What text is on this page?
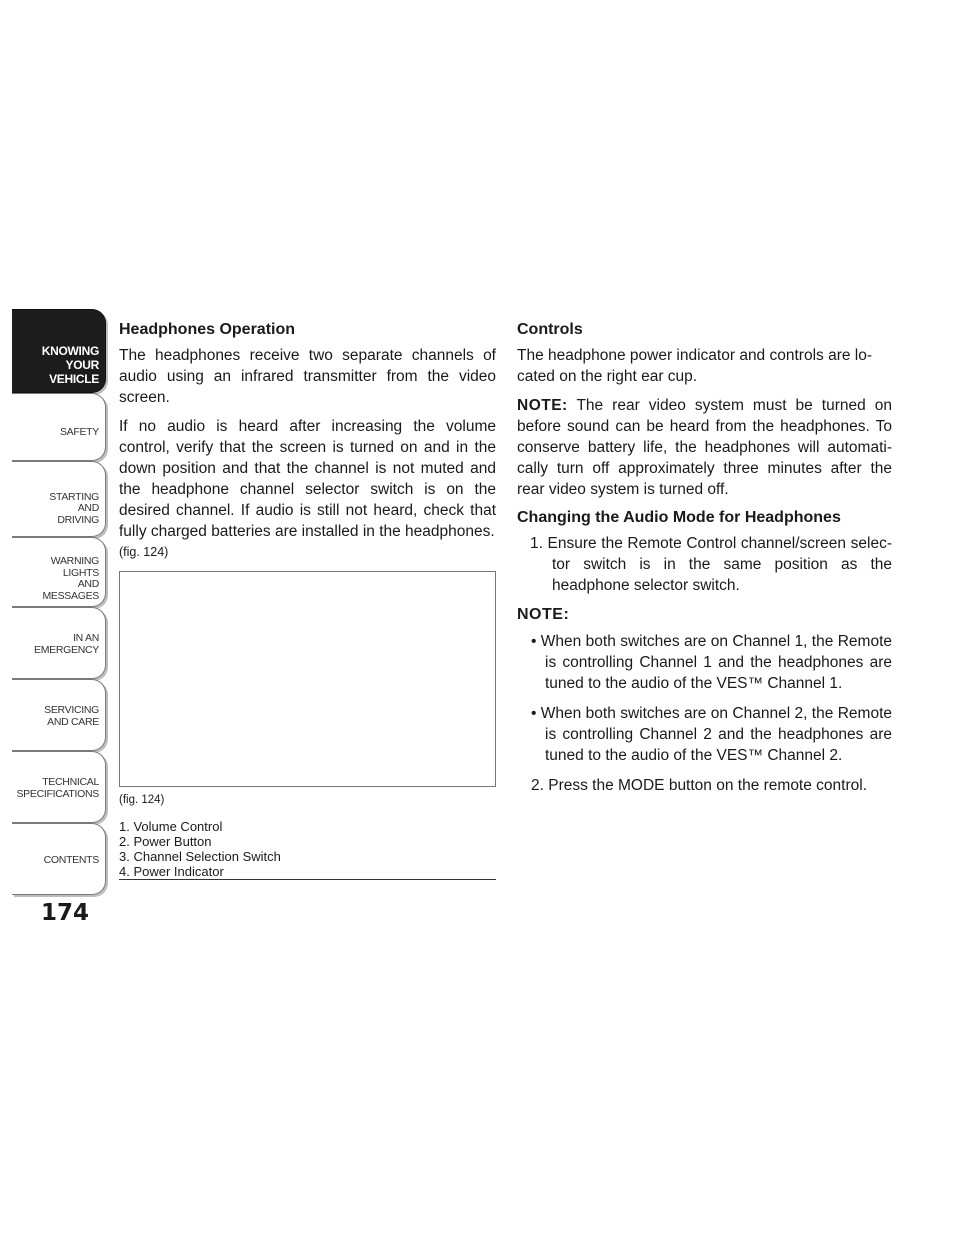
KNOWING
YOUR
VEHICLE
SAFETY
STARTING
AND
DRIVING
WARNING
LIGHTS
AND
MESSAGES
IN AN
EMERGENCY
SERVICING
AND CARE
TECHNICAL
SPECIFICATIONS
CONTENTS
174
Headphones Operation

The headphones receive two separate channels of audio using an infrared transmitter from the video screen.

If no audio is heard after increasing the volume control, verify that the screen is turned on and in the down position and that the channel is not muted and the headphone channel selector switch is on the desired channel. If audio is still not heard, check that fully charged batteries are installed in the headphones.

(fig. 124)
(fig. 124)
1. Volume Control
2. Power Button
3. Channel Selection Switch
4. Power Indicator
Controls

The headphone power indicator and controls are lo-cated on the right ear cup.

NOTE: The rear video system must be turned on before sound can be heard from the headphones. To conserve battery life, the headphones will automati-cally turn off approximately three minutes after the rear video system is turned off.

Changing the Audio Mode for Headphones

1. Ensure the Remote Control channel/screen selec-tor switch is in the same position as the headphone selector switch.

NOTE:

• When both switches are on Channel 1, the Remote is controlling Channel 1 and the headphones are tuned to the audio of the VES™ Channel 1.

• When both switches are on Channel 2, the Remote is controlling Channel 2 and the headphones are tuned to the audio of the VES™ Channel 2.

2. Press the MODE button on the remote control.
